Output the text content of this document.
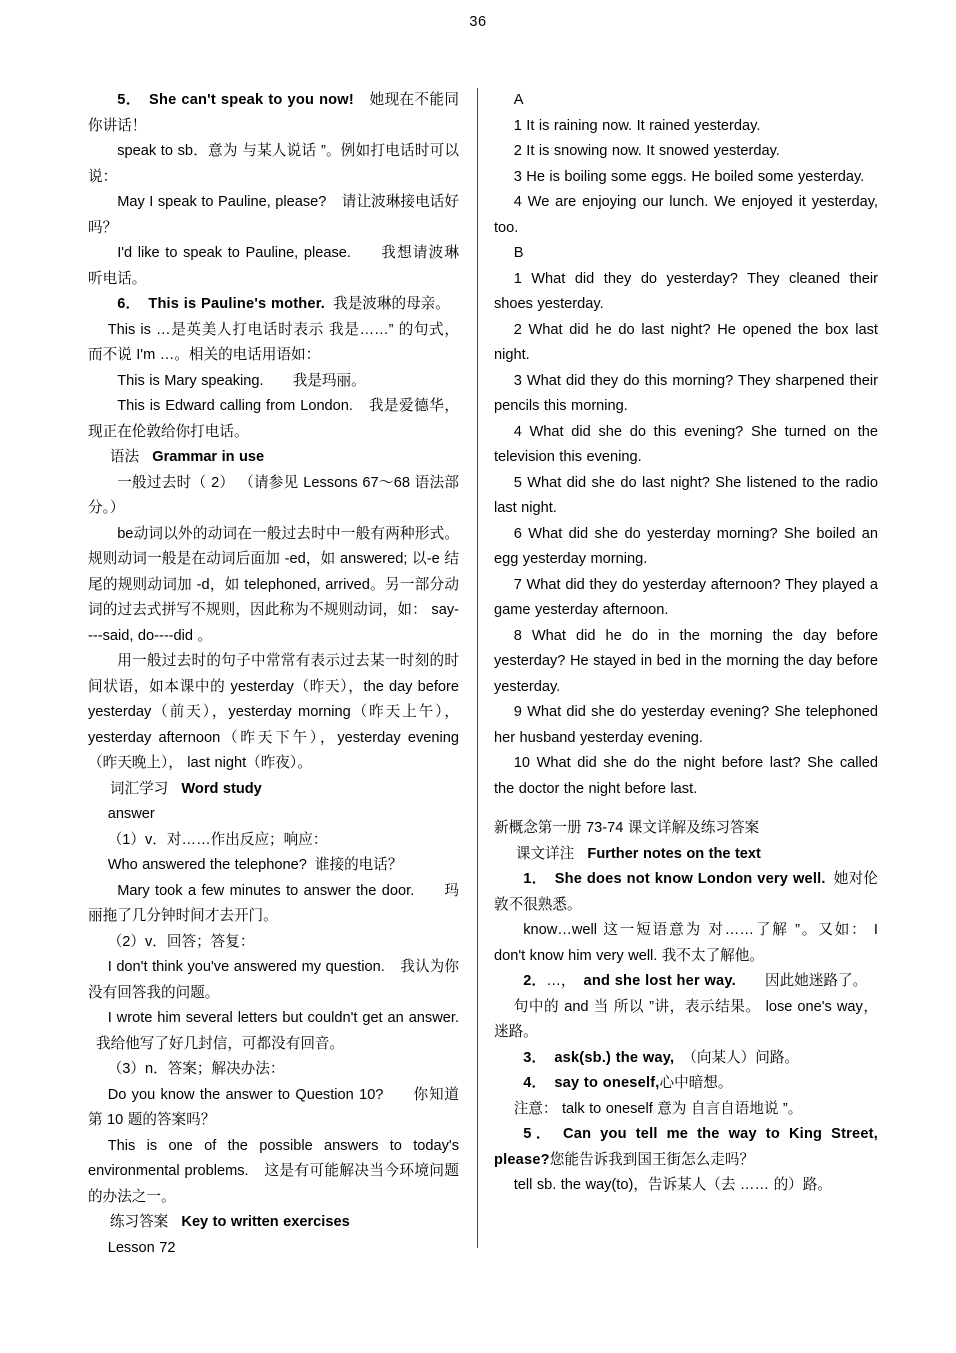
36

5． She can't speak to you now! 她现在不能同你讲话！

speak to sb．意为 与某人说话 ”。例如打电话时可以说：

May I speak to Pauline, please? 请让波琳接电话好吗？

I'd like to speak to Pauline, please. 我想请波琳听电话。

6． This is Pauline's mother. 我是波琳的母亲。

This is …是英美人打电话时表示 我是……” 的句式，而不说 I'm …。相关的电话用语如：

This is Mary speaking. 我是玛丽。

This is Edward calling from London. 我是爱德华，现正在伦敦给你打电话。

语法 Grammar in use

一般过去时（ 2） （请参见 Lessons 67～68 语法部分。）

be动词以外的动词在一般过去时中一般有两种形式。规则动词一般是在动词后面加 -ed，如 answered; 以-e 结尾的规则动词加 -d，如 telephoned, arrived。另一部分动词的过去式拼写不规则，因此称为不规则动词，如： say----said, do----did 。

用一般过去时的句子中常常有表示过去某一时刻的时间状语，如本课中的 yesterday（昨天），the day before yesterday（前天），yesterday morning（昨天上午），yesterday afternoon（昨天下午），yesterday evening（昨天晚上）， last night（昨夜）。

词汇学习 Word study

answer

（1）v．对……作出反应；响应：

Who answered the telephone? 谁接的电话？

Mary took a few minutes to answer the door. 玛丽拖了几分钟时间才去开门。

（2）v．回答；答复：

I don't think you've answered my question. 我认为你没有回答我的问题。

I wrote him several letters but couldn't get an answer.我给他写了好几封信，可都没有回音。

（3）n．答案；解决办法：

Do you know the answer to Question 10? 你知道第 10 题的答案吗？

This is one of the possible answers to today's environmental problems. 这是有可能解决当今环境问题的办法之一。

练习答案 Key to written exercises

Lesson 72

A

1 It is raining now. It rained yesterday.

2 It is snowing now. It snowed yesterday.

3 He is boiling some eggs. He boiled some yesterday.

4 We are enjoying our lunch. We enjoyed it yesterday, too.

B

1 What did they do yesterday? They cleaned their shoes yesterday.

2 What did he do last night? He opened the box last night.

3 What did they do this morning? They sharpened their pencils this morning.

4 What did she do this evening? She turned on the television this evening.

5 What did she do last night? She listened to the radio last night.

6 What did she do yesterday morning? She boiled an egg yesterday morning.

7 What did they do yesterday afternoon? They played a game yesterday afternoon.

8 What did he do in the morning the day before yesterday? He stayed in bed in the morning the day before yesterday.

9 What did she do yesterday evening? She telephoned her husband yesterday evening.

10 What did she do the night before last? She called the doctor the night before last.

新概念第一册 73-74 课文详解及练习答案

课文详注 Further notes on the text

1． She does not know London very well. 她对伦敦不很熟悉。

know…well 这一短语意为 对……了解 ”。又如： I don't know him very well. 我不太了解他。

2．…， and she lost her way. 因此她迷路了。

句中的 and 当 所以 ”讲，表示结果。 lose one's way，迷路。

3． ask(sb.) the way, （向某人）问路。

4． say to oneself,心中暗想。

注意： talk to oneself 意为 自言自语地说 ”。

5． Can you tell me the way to King Street, please?您能告诉我到国王街怎么走吗？

tell sb. the way(to)，告诉某人（去 …… 的）路。
